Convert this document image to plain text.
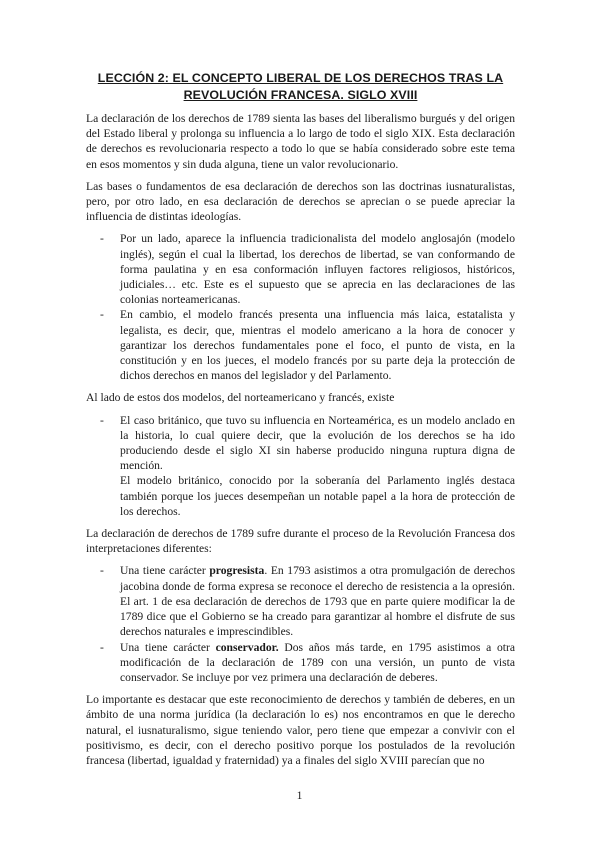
LECCIÓN 2: EL CONCEPTO LIBERAL DE LOS DERECHOS TRAS LA
REVOLUCIÓN FRANCESA. SIGLO XVIII

La declaración de los derechos de 1789 sienta las bases del liberalismo burgués y del origen del Estado liberal y prolonga su influencia a lo largo de todo el siglo XIX. Esta declaración de derechos es revolucionaria respecto a todo lo que se había considerado sobre este tema en esos momentos y sin duda alguna, tiene un valor revolucionario.

Las bases o fundamentos de esa declaración de derechos son las doctrinas iusnaturalistas, pero, por otro lado, en esa declaración de derechos se aprecian o se puede apreciar la influencia de distintas ideologías.

- Por un lado, aparece la influencia tradicionalista del modelo anglosajón (modelo inglés), según el cual la libertad, los derechos de libertad, se van conformando de forma paulatina y en esa conformación influyen factores religiosos, históricos, judiciales… etc. Este es el supuesto que se aprecia en las declaraciones de las colonias norteamericanas.
- En cambio, el modelo francés presenta una influencia más laica, estatalista y legalista, es decir, que, mientras el modelo americano a la hora de conocer y garantizar los derechos fundamentales pone el foco, el punto de vista, en la constitución y en los jueces, el modelo francés por su parte deja la protección de dichos derechos en manos del legislador y del Parlamento.

Al lado de estos dos modelos, del norteamericano y francés, existe

- El caso británico, que tuvo su influencia en Norteamérica, es un modelo anclado en la historia, lo cual quiere decir, que la evolución de los derechos se ha ido produciendo desde el siglo XI sin haberse producido ninguna ruptura digna de mención.
El modelo británico, conocido por la soberanía del Parlamento inglés destaca también porque los jueces desempeñan un notable papel a la hora de protección de los derechos.

La declaración de derechos de 1789 sufre durante el proceso de la Revolución Francesa dos interpretaciones diferentes:

- Una tiene carácter progresista. En 1793 asistimos a otra promulgación de derechos jacobina donde de forma expresa se reconoce el derecho de resistencia a la opresión. El art. 1 de esa declaración de derechos de 1793 que en parte quiere modificar la de 1789 dice que el Gobierno se ha creado para garantizar al hombre el disfrute de sus derechos naturales e imprescindibles.
- Una tiene carácter conservador. Dos años más tarde, en 1795 asistimos a otra modificación de la declaración de 1789 con una versión, un punto de vista conservador. Se incluye por vez primera una declaración de deberes.

Lo importante es destacar que este reconocimiento de derechos y también de deberes, en un ámbito de una norma jurídica (la declaración lo es) nos encontramos en que le derecho natural, el iusnaturalismo, sigue teniendo valor, pero tiene que empezar a convivir con el positivismo, es decir, con el derecho positivo porque los postulados de la revolución francesa (libertad, igualdad y fraternidad) ya a finales del siglo XVIII parecían que no

1
